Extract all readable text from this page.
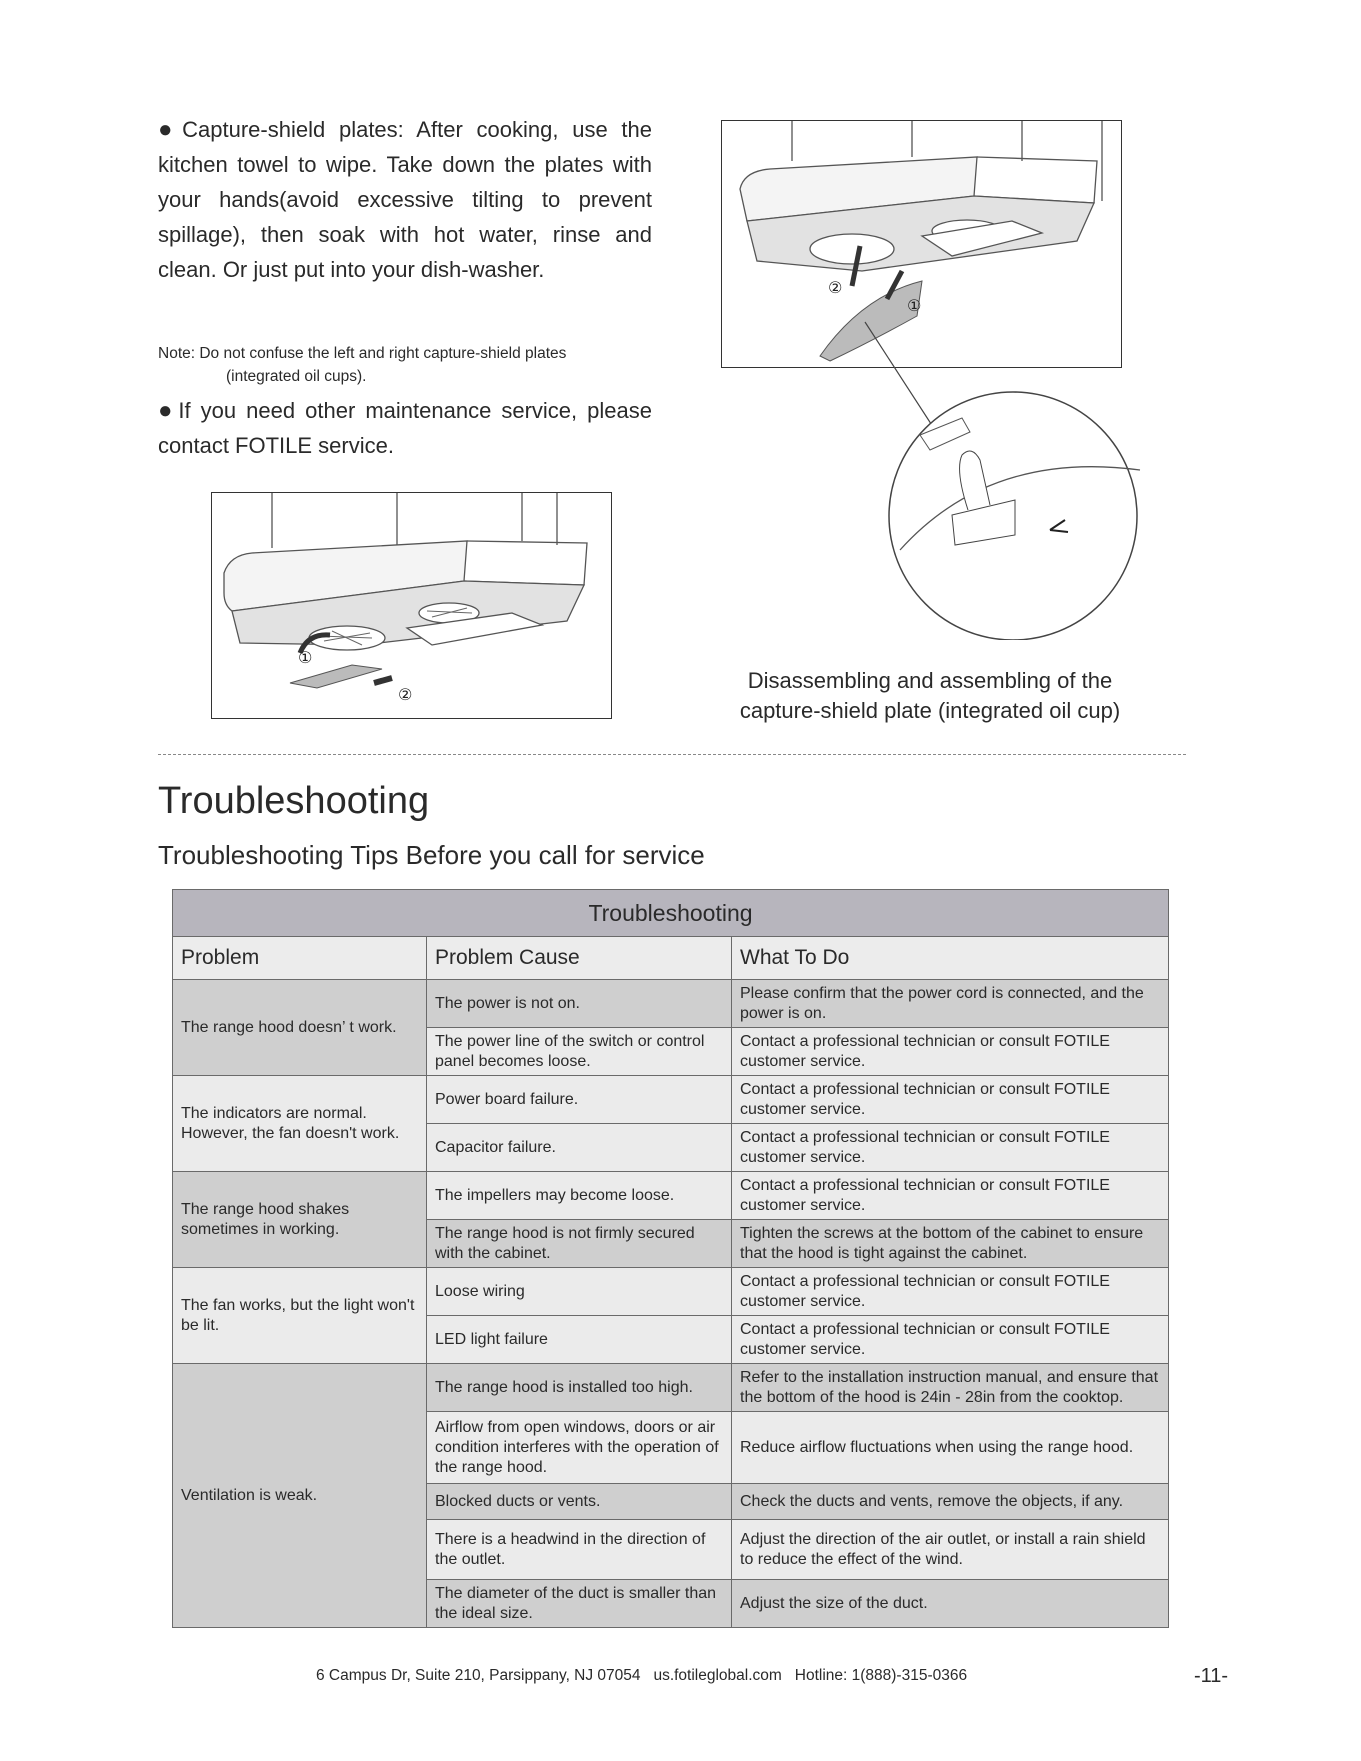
●Capture-shield plates: After cooking, use the kitchen towel to wipe. Take down the plates with your hands(avoid excessive tilting to prevent spillage), then soak with hot water, rinse and clean. Or just put into your dish-washer.
Note: Do not confuse the left and right capture-shield plates
(integrated oil cups).
●If you need other maintenance service, please contact FOTILE service.
①
②
②
①
Disassembling and assembling of the
capture-shield plate (integrated oil cup)
Troubleshooting
Troubleshooting Tips Before you call for service
Troubleshooting		
Problem	Problem Cause	What To Do
The range hood doesn’ t work.	The power is not on.	Please confirm that the power cord is connected, and the power is on.
	The power line of the switch or control panel becomes loose.	Contact a professional technician or consult FOTILE customer service.
The indicators are normal. However, the fan doesn't work.	Power board failure.	Contact a professional technician or consult FOTILE customer service.
	Capacitor failure.	Contact a professional technician or consult FOTILE customer service.
The range hood shakes sometimes in working.	The impellers may become loose.	Contact a professional technician or consult FOTILE customer service.
	The range hood is not firmly secured with the cabinet.	Tighten the screws at the bottom of the cabinet to ensure that the hood is tight against the cabinet.
The fan works, but the light won't be lit.	Loose wiring	Contact a professional technician or consult FOTILE customer service.
	LED light failure	Contact a professional technician or consult FOTILE customer service.
Ventilation is weak.	The range hood is installed too high.	Refer to the installation instruction manual, and ensure that the bottom of the hood is 24in - 28in from the cooktop.
	Airflow from open windows, doors or air condition interferes with the operation of the range hood.	Reduce airflow fluctuations when using the range hood.
	Blocked ducts or vents.	Check the ducts and vents, remove the objects, if any.
	There is a headwind in the direction of the outlet.	Adjust the direction of the air outlet, or install a rain shield to reduce the effect of the wind.
	The diameter of the duct is smaller than the ideal size.	Adjust the size of the duct.
6 Campus Dr, Suite 210, Parsippany, NJ 07054 us.fotileglobal.com Hotline: 1(888)-315-0366	-11-
